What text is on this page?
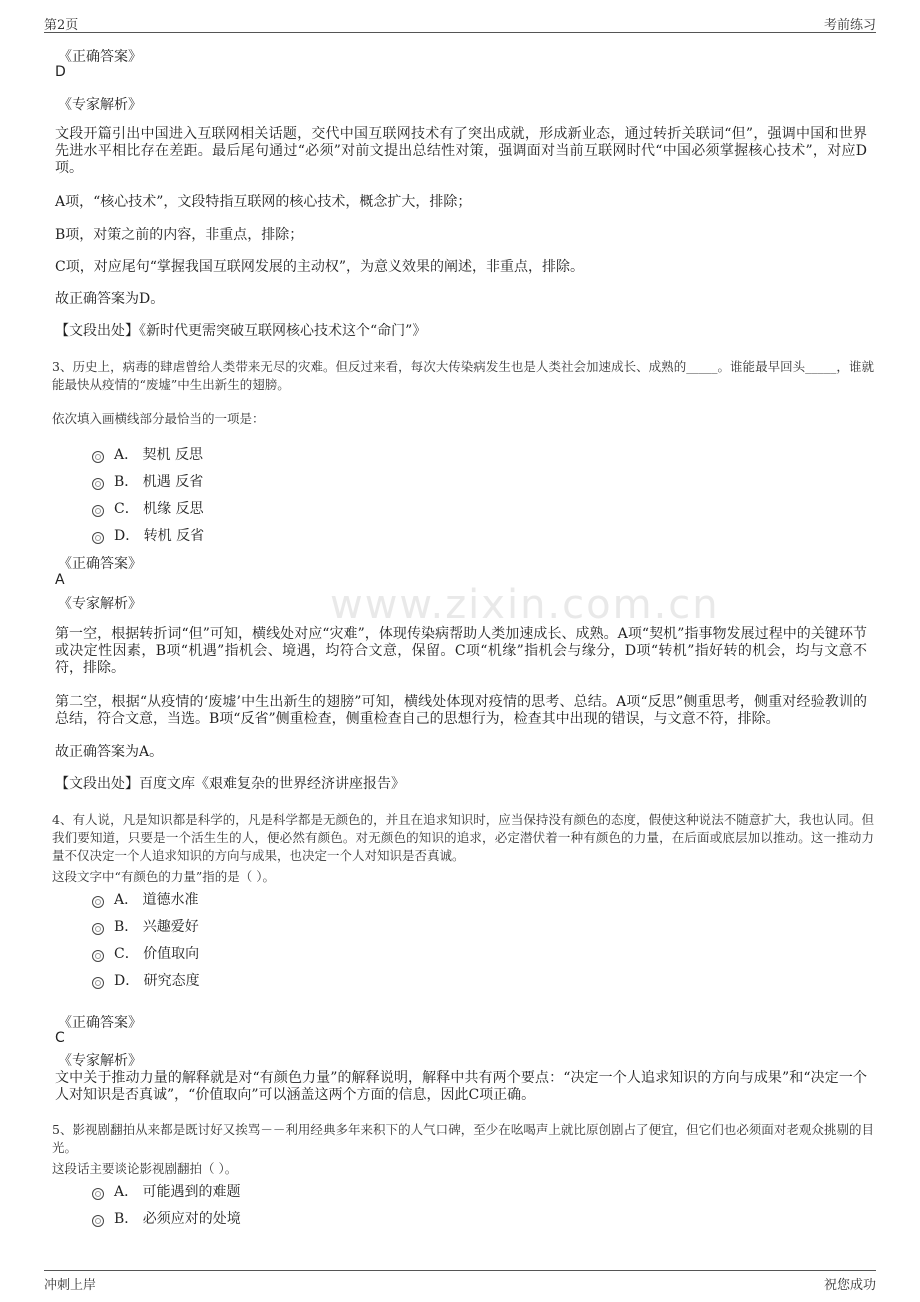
第2页	考前练习
www.zixin.com.cn
《正确答案》
D
《专家解析》
文段开篇引出中国进入互联网相关话题，交代中国互联网技术有了突出成就，形成新业态，通过转折关联词“但”，强调中国和世界先进水平相比存在差距。最后尾句通过“必须”对前文提出总结性对策，强调面对当前互联网时代“中国必须掌握核心技术”，对应D项。
A项，“核心技术”，文段特指互联网的核心技术，概念扩大，排除；
B项，对策之前的内容，非重点，排除；
C项，对应尾句“掌握我国互联网发展的主动权”，为意义效果的阐述，非重点，排除。
故正确答案为D。
【文段出处】《新时代更需突破互联网核心技术这个“命门”》
3、历史上，病毒的肆虐曾给人类带来无尽的灾难。但反过来看，每次大传染病发生也是人类社会加速成长、成熟的_____。谁能最早回头_____，谁就能最快从疫情的“废墟”中生出新生的翅膀。
依次填入画横线部分最恰当的一项是：
A． 契机 反思
B． 机遇 反省
C． 机缘 反思
D． 转机 反省
《正确答案》
A
《专家解析》
第一空，根据转折词“但”可知，横线处对应“灾难”，体现传染病帮助人类加速成长、成熟。A项“契机”指事物发展过程中的关键环节或决定性因素，B项“机遇”指机会、境遇，均符合文意，保留。C项“机缘”指机会与缘分，D项“转机”指好转的机会，均与文意不符，排除。
第二空，根据“从疫情的‘废墟’中生出新生的翅膀”可知，横线处体现对疫情的思考、总结。A项“反思”侧重思考，侧重对经验教训的总结，符合文意，当选。B项“反省”侧重检查，侧重检查自己的思想行为，检查其中出现的错误，与文意不符，排除。
故正确答案为A。
【文段出处】百度文库《艰难复杂的世界经济讲座报告》
4、有人说，凡是知识都是科学的，凡是科学都是无颜色的，并且在追求知识时，应当保持没有颜色的态度，假使这种说法不随意扩大，我也认同。但我们要知道，只要是一个活生生的人，便必然有颜色。对无颜色的知识的追求，必定潜伏着一种有颜色的力量，在后面或底层加以推动。这一推动力量不仅决定一个人追求知识的方向与成果，也决定一个人对知识是否真诚。
这段文字中“有颜色的力量”指的是（ ）。
A． 道德水准
B． 兴趣爱好
C． 价值取向
D． 研究态度
《正确答案》
C
《专家解析》
文中关于推动力量的解释就是对“有颜色力量”的解释说明，解释中共有两个要点：“决定一个人追求知识的方向与成果”和“决定一个人对知识是否真诚”，“价值取向”可以涵盖这两个方面的信息，因此C项正确。
5、影视剧翻拍从来都是既讨好又挨骂－－利用经典多年来积下的人气口碑，至少在吆喝声上就比原创剧占了便宜，但它们也必须面对老观众挑剔的目光。
这段话主要谈论影视剧翻拍（ ）。
A． 可能遇到的难题
B． 必须应对的处境
冲刺上岸	祝您成功
